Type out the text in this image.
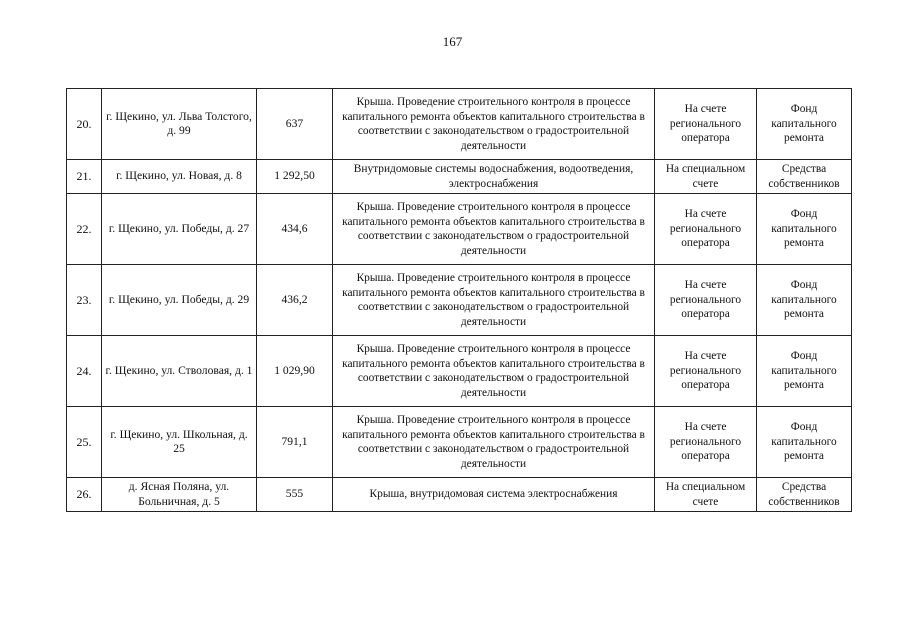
167
20.	г. Щекино, ул. Льва Толстого, д. 99	637	Крыша. Проведение строительного контроля в процессе капитального ремонта объектов капитального строительства в соответствии с законодательством о градостроительной деятельности	На счете регионального оператора	Фонд капитального ремонта
21.	г. Щекино, ул. Новая, д. 8	1 292,50	Внутридомовые системы водоснабжения, водоотведения, электроснабжения	На специальном счете	Средства собственников
22.	г. Щекино, ул. Победы, д. 27	434,6	Крыша. Проведение строительного контроля в процессе капитального ремонта объектов капитального строительства в соответствии с законодательством о градостроительной деятельности	На счете регионального оператора	Фонд капитального ремонта
23.	г. Щекино, ул. Победы, д. 29	436,2	Крыша. Проведение строительного контроля в процессе капитального ремонта объектов капитального строительства в соответствии с законодательством о градостроительной деятельности	На счете регионального оператора	Фонд капитального ремонта
24.	г. Щекино, ул. Стволовая, д. 1	1 029,90	Крыша. Проведение строительного контроля в процессе капитального ремонта объектов капитального строительства в соответствии с законодательством о градостроительной деятельности	На счете регионального оператора	Фонд капитального ремонта
25.	г. Щекино, ул. Школьная, д. 25	791,1	Крыша. Проведение строительного контроля в процессе капитального ремонта объектов капитального строительства в соответствии с законодательством о градостроительной деятельности	На счете регионального оператора	Фонд капитального ремонта
26.	д. Ясная Поляна, ул. Больничная, д. 5	555	Крыша, внутридомовая система электроснабжения	На специальном счете	Средства собственников
